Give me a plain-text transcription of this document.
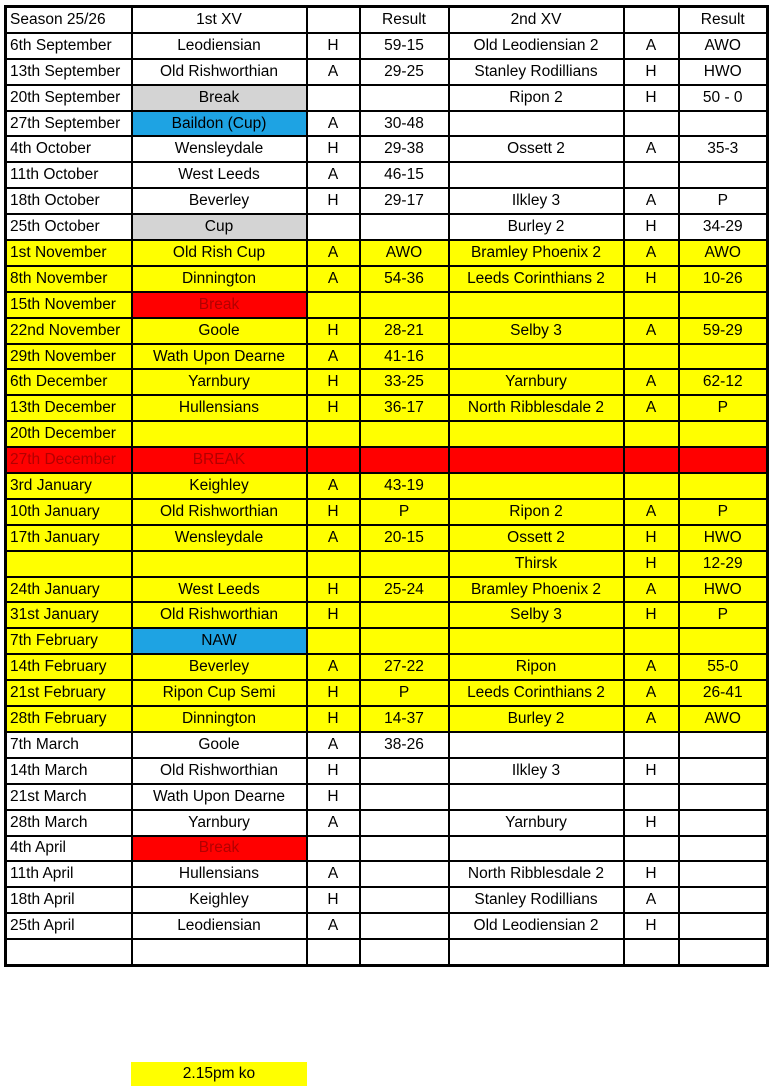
Season 25/26	1st XV		Result	2nd XV		Result
6th September	Leodiensian	H	59-15	Old Leodiensian 2	A	AWO
13th September	Old Rishworthian	A	29-25	Stanley Rodillians	H	HWO
20th September	Break			Ripon 2	H	50 - 0
27th September	Baildon (Cup)	A	30-48			
4th October	Wensleydale	H	29-38	Ossett 2	A	35-3
11th October	West Leeds	A	46-15			
18th October	Beverley	H	29-17	Ilkley 3	A	P
25th October	Cup			Burley 2	H	34-29
1st November	Old Rish Cup	A	AWO	Bramley Phoenix 2	A	AWO
8th November	Dinnington	A	54-36	Leeds Corinthians 2	H	10-26
15th November	Break					
22nd November	Goole	H	28-21	Selby 3	A	59-29
29th November	Wath Upon Dearne	A	41-16			
6th December	Yarnbury	H	33-25	Yarnbury	A	62-12
13th December	Hullensians	H	36-17	North Ribblesdale 2	A	P
20th December						
27th December	BREAK					
3rd January	Keighley	A	43-19			
10th January	Old Rishworthian	H	P	Ripon 2	A	P
17th January	Wensleydale	A	20-15	Ossett 2	H	HWO
				Thirsk	H	12-29
24th January	West Leeds	H	25-24	Bramley Phoenix 2	A	HWO
31st January	Old Rishworthian	H		Selby 3	H	P
7th February	NAW					
14th February	Beverley	A	27-22	Ripon	A	55-0
21st February	Ripon Cup Semi	H	P	Leeds Corinthians 2	A	26-41
28th February	Dinnington	H	14-37	Burley 2	A	AWO
7th March	Goole	A	38-26			
14th March	Old Rishworthian	H		Ilkley 3	H	
21st March	Wath Upon Dearne	H				
28th March	Yarnbury	A		Yarnbury	H	
4th April	Break					
11th April	Hullensians	A		North Ribblesdale 2	H	
18th April	Keighley	H		Stanley Rodillians	A	
25th April	Leodiensian	A		Old Leodiensian 2	H	

2.15pm ko
